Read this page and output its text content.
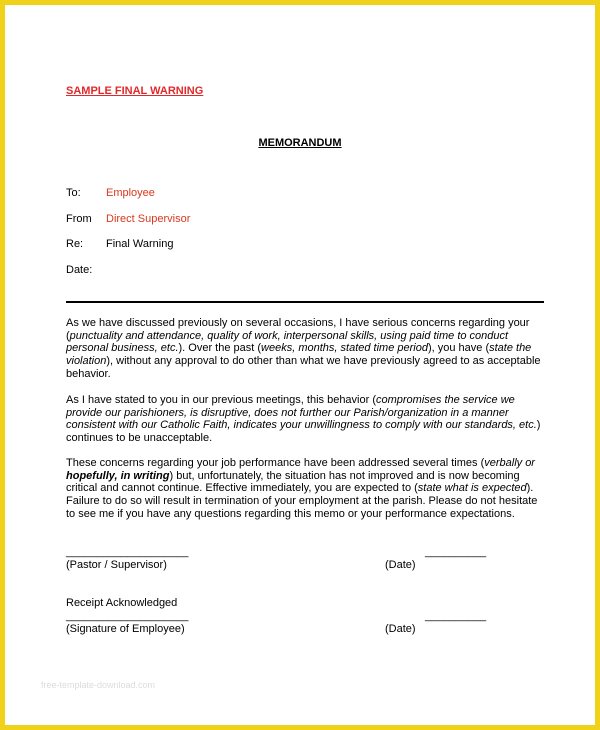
SAMPLE FINAL WARNING
MEMORANDUM
To: Employee
From Direct Supervisor
Re: Final Warning
Date:
As we have discussed previously on several occasions, I have serious concerns regarding your (punctuality and attendance, quality of work, interpersonal skills, using paid time to conduct personal business, etc.). Over the past (weeks, months, stated time period), you have (state the violation), without any approval to do other than what we have previously agreed to as acceptable behavior.
As I have stated to you in our previous meetings, this behavior (compromises the service we provide our parishioners, is disruptive, does not further our Parish/organization in a manner consistent with our Catholic Faith, indicates your unwillingness to comply with our standards, etc.) continues to be unacceptable.
These concerns regarding your job performance have been addressed several times (verbally or hopefully, in writing) but, unfortunately, the situation has not improved and is now becoming critical and cannot continue. Effective immediately, you are expected to (state what is expected). Failure to do so will result in termination of your employment at the parish. Please do not hesitate to see me if you have any questions regarding this memo or your performance expectations.
____________________	__________
(Pastor / Supervisor)	(Date)
Receipt Acknowledged
____________________	__________
(Signature of Employee)	(Date)
free-template-download.com
